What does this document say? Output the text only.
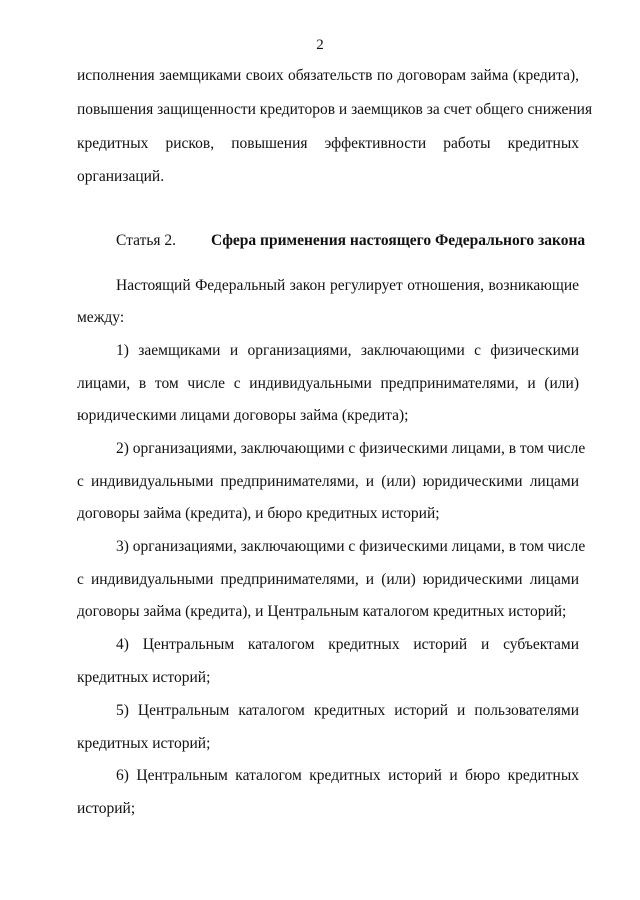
2
исполнения заемщиками своих обязательств по договорам займа (кредита),
повышения защищенности кредиторов и заемщиков за счет общего снижения
кредитных рисков, повышения эффективности работы кредитных
организаций.
Статья 2. Сфера применения настоящего Федерального закона
Настоящий Федеральный закон регулирует отношения, возникающие
между:
1) заемщиками и организациями, заключающими с физическими
лицами, в том числе с индивидуальными предпринимателями, и (или)
юридическими лицами договоры займа (кредита);
2) организациями, заключающими с физическими лицами, в том числе
с индивидуальными предпринимателями, и (или) юридическими лицами
договоры займа (кредита), и бюро кредитных историй;
3) организациями, заключающими с физическими лицами, в том числе
с индивидуальными предпринимателями, и (или) юридическими лицами
договоры займа (кредита), и Центральным каталогом кредитных историй;
4) Центральным каталогом кредитных историй и субъектами
кредитных историй;
5) Центральным каталогом кредитных историй и пользователями
кредитных историй;
6) Центральным каталогом кредитных историй и бюро кредитных
историй;
